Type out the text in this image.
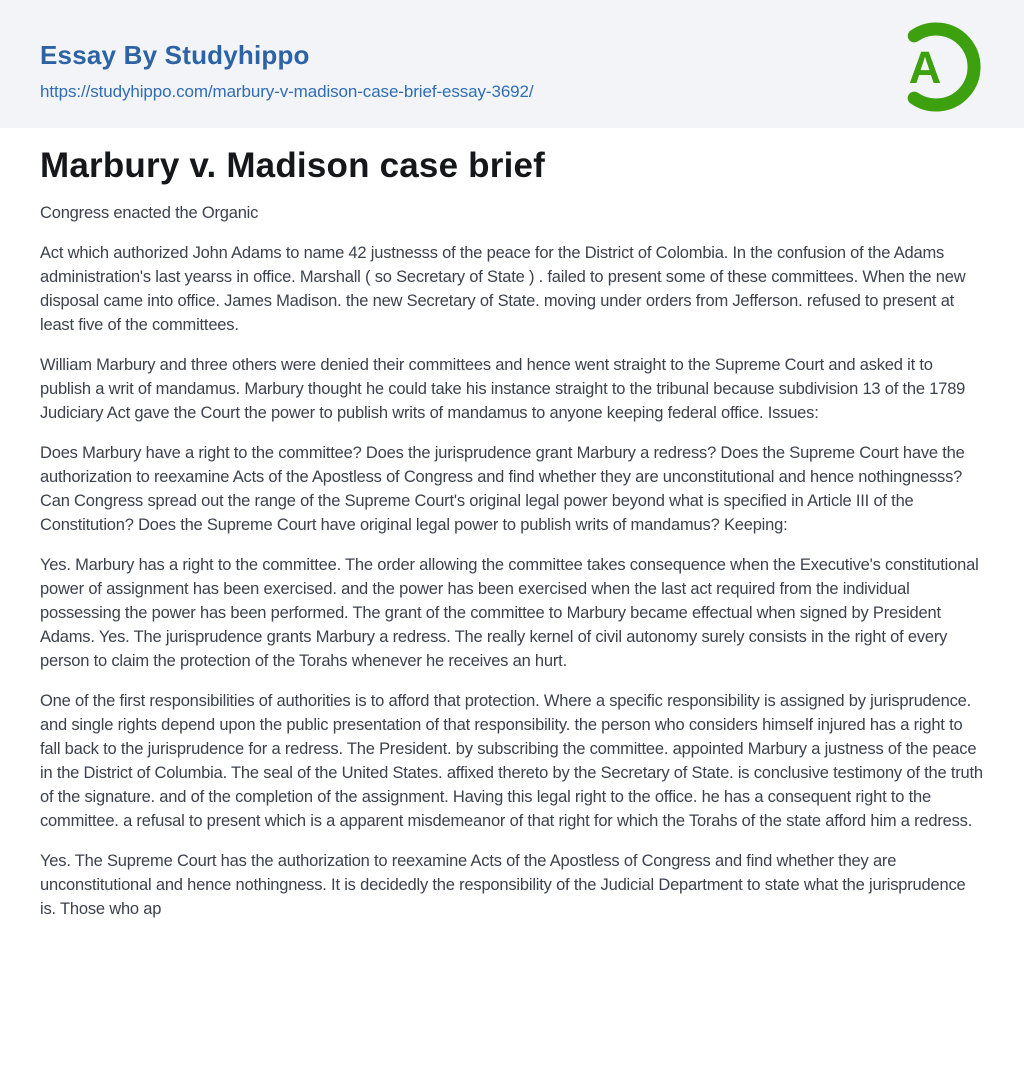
Essay By Studyhippo
https://studyhippo.com/marbury-v-madison-case-brief-essay-3692/	A
Marbury v. Madison case brief

Congress enacted the Organic

Act which authorized John Adams to name 42 justnesss of the peace for the District of Colombia. In the confusion of the Adams administration's last yearss in office. Marshall ( so Secretary of State ) . failed to present some of these committees. When the new disposal came into office. James Madison. the new Secretary of State. moving under orders from Jefferson. refused to present at least five of the committees.

William Marbury and three others were denied their committees and hence went straight to the Supreme Court and asked it to publish a writ of mandamus. Marbury thought he could take his instance straight to the tribunal because subdivision 13 of the 1789 Judiciary Act gave the Court the power to publish writs of mandamus to anyone keeping federal office. Issues:

Does Marbury have a right to the committee? Does the jurisprudence grant Marbury a redress? Does the Supreme Court have the authorization to reexamine Acts of the Apostless of Congress and find whether they are unconstitutional and hence nothingnesss? Can Congress spread out the range of the Supreme Court's original legal power beyond what is specified in Article III of the Constitution? Does the Supreme Court have original legal power to publish writs of mandamus? Keeping:

Yes. Marbury has a right to the committee. The order allowing the committee takes consequence when the Executive's constitutional power of assignment has been exercised. and the power has been exercised when the last act required from the individual possessing the power has been performed. The grant of the committee to Marbury became effectual when signed by President Adams. Yes. The jurisprudence grants Marbury a redress. The really kernel of civil autonomy surely consists in the right of every person to claim the protection of the Torahs whenever he receives an hurt.

One of the first responsibilities of authorities is to afford that protection. Where a specific responsibility is assigned by jurisprudence. and single rights depend upon the public presentation of that responsibility. the person who considers himself injured has a right to fall back to the jurisprudence for a redress. The President. by subscribing the committee. appointed Marbury a justness of the peace in the District of Columbia. The seal of the United States. affixed thereto by the Secretary of State. is conclusive testimony of the truth of the signature. and of the completion of the assignment. Having this legal right to the office. he has a consequent right to the committee. a refusal to present which is a apparent misdemeanor of that right for which the Torahs of the state afford him a redress.

Yes. The Supreme Court has the authorization to reexamine Acts of the Apostless of Congress and find whether they are unconstitutional and hence nothingness. It is decidedly the responsibility of the Judicial Department to state what the jurisprudence is. Those who ap
